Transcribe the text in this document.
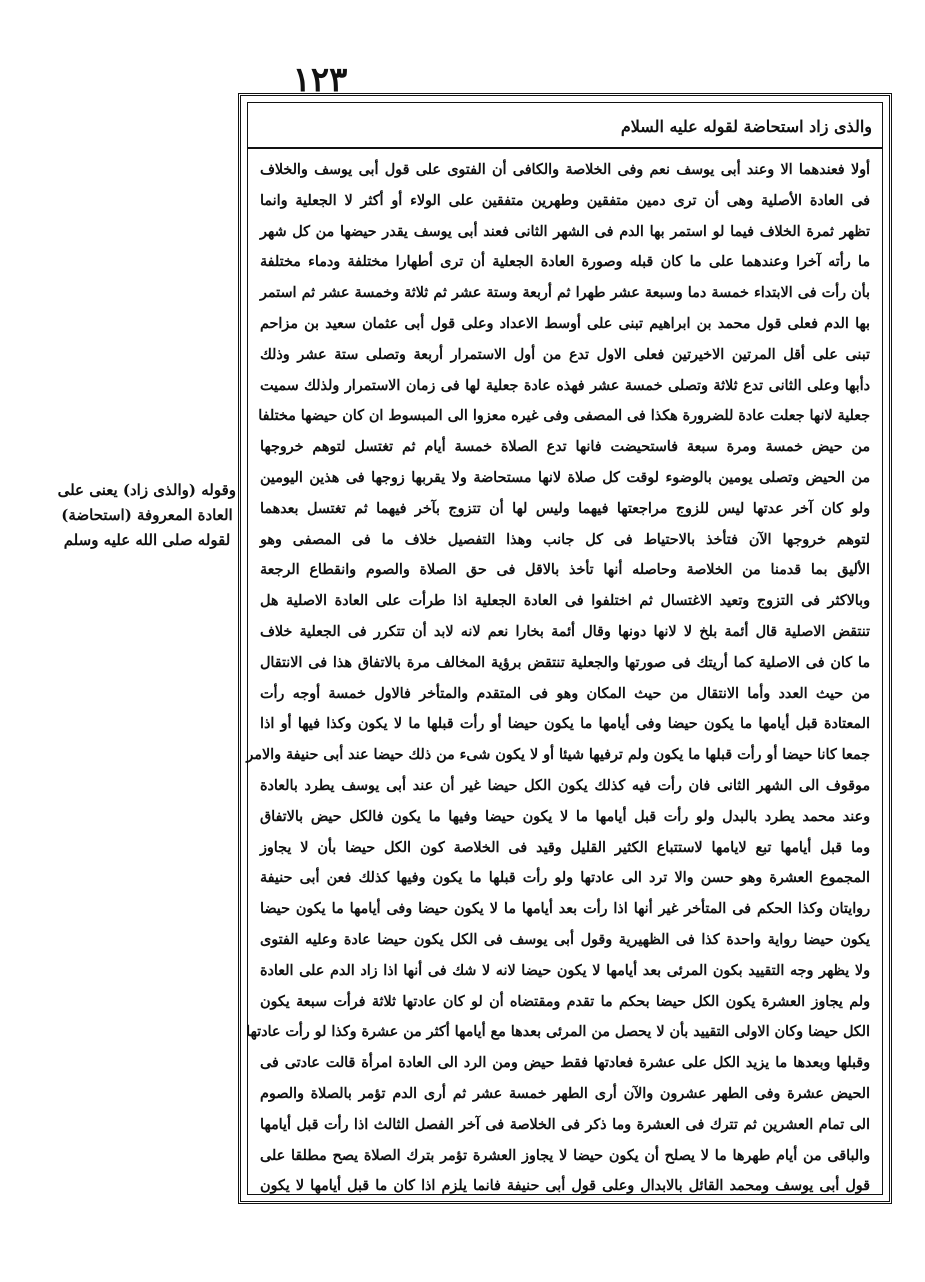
١٢٣
وقوله (والذى زاد) يعنى على
العادة المعروفة (استحاضة)
لقوله صلى الله عليه وسلم
والذى زاد استحاضة لقوله عليه السلام
أولا فعندهما الا وعند أبى يوسف نعم وفى الخلاصة والكافى أن الفتوى على قول أبى يوسف والخلاف
فى العادة الأصلية وهى أن ترى دمين متفقين وطهرين متفقين على الولاء أو أكثر لا الجعلية وانما
تظهر ثمرة الخلاف فيما لو استمر بها الدم فى الشهر الثانى فعند أبى يوسف يقدر حيضها من كل شهر
ما رأته آخرا وعندهما على ما كان قبله وصورة العادة الجعلية أن ترى أطهارا مختلفة ودماء مختلفة
بأن رأت فى الابتداء خمسة دما وسبعة عشر طهرا ثم أربعة وستة عشر ثم ثلاثة وخمسة عشر ثم استمر
بها الدم فعلى قول محمد بن ابراهيم تبنى على أوسط الاعداد وعلى قول أبى عثمان سعيد بن مزاحم
تبنى على أقل المرتين الاخيرتين فعلى الاول تدع من أول الاستمرار أربعة وتصلى ستة عشر وذلك
دأبها وعلى الثانى تدع ثلاثة وتصلى خمسة عشر فهذه عادة جعلية لها فى زمان الاستمرار ولذلك سميت
جعلية لانها جعلت عادة للضرورة هكذا فى المصفى وفى غيره معزوا الى المبسوط ان كان حيضها مختلفا
من حيض خمسة ومرة سبعة فاستحيضت فانها تدع الصلاة خمسة أيام ثم تغتسل لتوهم خروجها
من الحيض وتصلى يومين بالوضوء لوقت كل صلاة لانها مستحاضة ولا يقربها زوجها فى هذين اليومين
ولو كان آخر عدتها ليس للزوج مراجعتها فيهما وليس لها أن تتزوج بآخر فيهما ثم تغتسل بعدهما
لتوهم خروجها الآن فتأخذ بالاحتياط فى كل جانب وهذا التفصيل خلاف ما فى المصفى وهو
الأليق بما قدمنا من الخلاصة وحاصله أنها تأخذ بالاقل فى حق الصلاة والصوم وانقطاع الرجعة
وبالاكثر فى التزوج وتعيد الاغتسال ثم اختلفوا فى العادة الجعلية اذا طرأت على العادة الاصلية هل
تنتقض الاصلية قال أئمة بلخ لا لانها دونها وقال أئمة بخارا نعم لانه لابد أن تتكرر فى الجعلية خلاف
ما كان فى الاصلية كما أريتك فى صورتها والجعلية تنتقض برؤية المخالف مرة بالاتفاق هذا فى الانتقال
من حيث العدد وأما الانتقال من حيث المكان وهو فى المتقدم والمتأخر فالاول خمسة أوجه رأت
المعتادة قبل أيامها ما يكون حيضا وفى أيامها ما يكون حيضا أو رأت قبلها ما لا يكون وكذا فيها أو اذا
جمعا كانا حيضا أو رأت قبلها ما يكون ولم ترفيها شيئا أو لا يكون شىء من ذلك حيضا عند أبى حنيفة والامر
موقوف الى الشهر الثانى فان رأت فيه كذلك يكون الكل حيضا غير أن عند أبى يوسف يطرد بالعادة
وعند محمد يطرد بالبدل ولو رأت قبل أيامها ما لا يكون حيضا وفيها ما يكون فالكل حيض بالاتفاق
وما قبل أيامها تبع لايامها لاستتباع الكثير القليل وقيد فى الخلاصة كون الكل حيضا بأن لا يجاوز
المجموع العشرة وهو حسن والا ترد الى عادتها ولو رأت قبلها ما يكون وفيها كذلك فعن أبى حنيفة
روايتان وكذا الحكم فى المتأخر غير أنها اذا رأت بعد أيامها ما لا يكون حيضا وفى أيامها ما يكون حيضا
يكون حيضا رواية واحدة كذا فى الظهيرية وقول أبى يوسف فى الكل يكون حيضا عادة وعليه الفتوى
ولا يظهر وجه التقييد بكون المرئى بعد أيامها لا يكون حيضا لانه لا شك فى أنها اذا زاد الدم على العادة
ولم يجاوز العشرة يكون الكل حيضا بحكم ما تقدم ومقتضاه أن لو كان عادتها ثلاثة فرأت سبعة يكون
الكل حيضا وكان الاولى التقييد بأن لا يحصل من المرئى بعدها مع أيامها أكثر من عشرة وكذا لو رأت عادتها
وقبلها وبعدها ما يزيد الكل على عشرة فعادتها فقط حيض ومن الرد الى العادة امرأة قالت عادتى فى
الحيض عشرة وفى الطهر عشرون والآن أرى الطهر خمسة عشر ثم أرى الدم تؤمر بالصلاة والصوم
الى تمام العشرين ثم تترك فى العشرة وما ذكر فى الخلاصة فى آخر الفصل الثالث اذا رأت قبل أيامها
والباقى من أيام طهرها ما لا يصلح أن يكون حيضا لا يجاوز العشرة تؤمر بترك الصلاة يصح مطلقا على
قول أبى يوسف ومحمد القائل بالابدال وعلى قول أبى حنيفة فانما يلزم اذا كان ما قبل أيامها لا يكون
